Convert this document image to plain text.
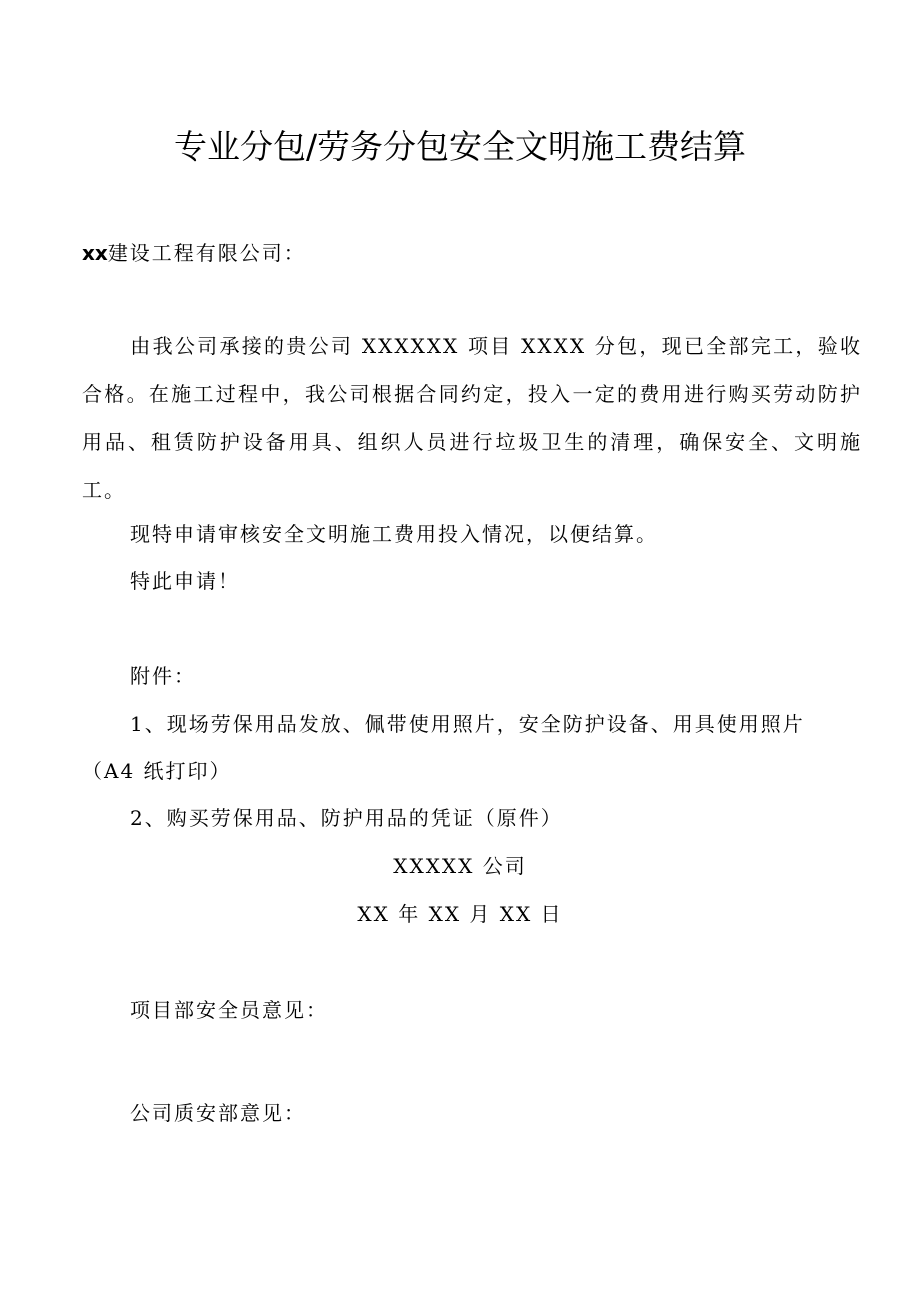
专业分包/劳务分包安全文明施工费结算
xx建设工程有限公司：
由我公司承接的贵公司 XXXXXX 项目 XXXX 分包，现已全部完工，验收合格。在施工过程中，我公司根据合同约定，投入一定的费用进行购买劳动防护用品、租赁防护设备用具、组织人员进行垃圾卫生的清理，确保安全、文明施工。
现特申请审核安全文明施工费用投入情况，以便结算。
特此申请！
附件：
1、现场劳保用品发放、佩带使用照片，安全防护设备、用具使用照片
（A4 纸打印）
2、购买劳保用品、防护用品的凭证（原件）
XXXXX 公司
XX 年 XX 月 XX 日
项目部安全员意见：
公司质安部意见：
